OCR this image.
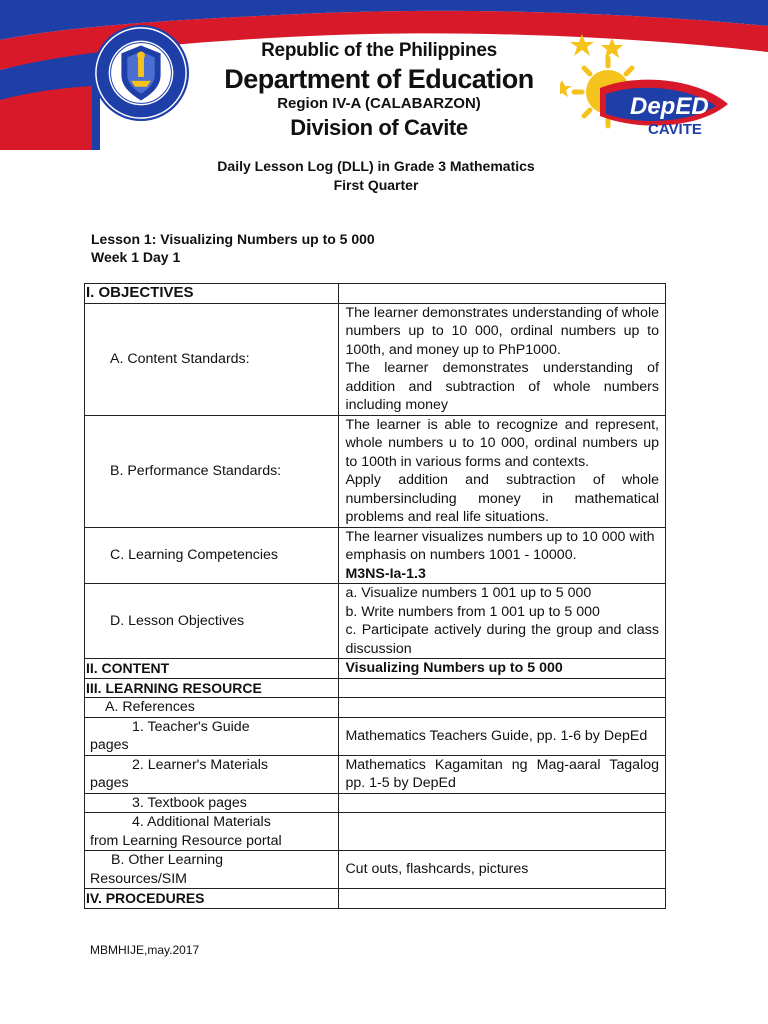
DepED
CAVITE
Republic of the Philippines
Department of Education
Region IV-A (CALABARZON)
Division of Cavite
Daily Lesson Log (DLL) in Grade 3 Mathematics
First Quarter
Lesson 1: Visualizing Numbers up to 5 000
Week 1 Day 1
I. OBJECTIVES	
A. Content Standards:	The learner demonstrates understanding of whole numbers up to 10 000, ordinal numbers up to 100th, and money up to PhP1000.
The learner demonstrates understanding of addition and subtraction of whole numbers including money

B. Performance Standards:	The learner is able to recognize and represent, whole numbers u to 10 000, ordinal numbers up to 100th in various forms and contexts.
Apply addition and subtraction of whole numbersincluding money in mathematical problems and real life situations.

C. Learning Competencies	The learner visualizes numbers up to 10 000 with emphasis on numbers 1001 - 10000.
M3NS-Ia-1.3

D. Lesson Objectives	a. Visualize numbers 1 001 up to 5 000
b. Write numbers from 1 001 up to 5 000
c. Participate actively during the group and class discussion

II. CONTENT	Visualizing Numbers up to 5 000
III. LEARNING RESOURCE	
A. References	

1. Teacher's Guide
pages	Mathematics Teachers Guide, pp. 1-6 by DepEd

2. Learner's Materials
pages	Mathematics Kagamitan ng Mag-aaral Tagalog pp. 1-5 by DepEd
3. Textbook pages	

4. Additional Materials
from Learning Resource portal	

B. Other Learning
Resources/SIM	Cut outs, flashcards, pictures
IV. PROCEDURES	
MBMHIJE,may.2017
